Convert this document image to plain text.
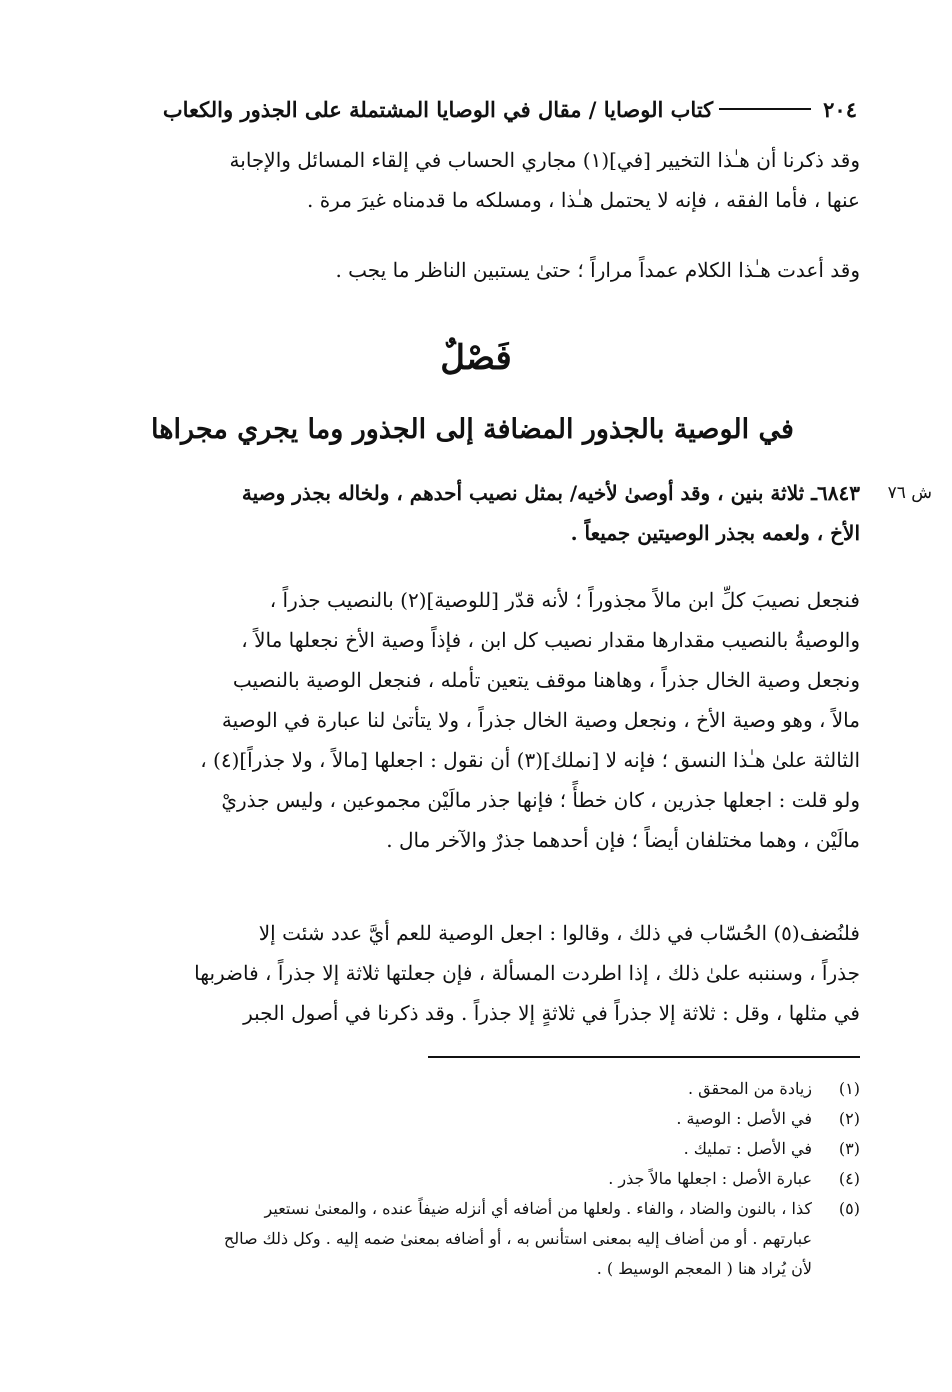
٢٠٤
كتاب الوصايا / مقال في الوصايا المشتملة على الجذور والكعاب
وقد ذكرنا أن هـٰذا التخيير [في](١) مجاري الحساب في إلقاء المسائل والإجابة
عنها ، فأما الفقه ، فإنه لا يحتمل هـٰذا ، ومسلكه ما قدمناه غيرَ مرة .
وقد أعدت هـٰذا الكلام عمداً مراراً ؛ حتىٰ يستبين الناظر ما يجب .
فَصْلٌ
في الوصية بالجذور المضافة إلى الجذور وما يجري مجراها
ش ٧٦
٦٨٤٣ـ ثلاثة بنين ، وقد أوصىٰ لأخيه/ بمثل نصيب أحدهم ، ولخاله بجذر وصية
الأخ ، ولعمه بجذر الوصيتين جميعاً .
فنجعل نصيبَ كلِّ ابن مالاً مجذوراً ؛ لأنه قدّر [للوصية](٢) بالنصيب جذراً ،
والوصيةُ بالنصيب مقدارها مقدار نصيب كل ابن ، فإذاً وصية الأخ نجعلها مالاً ،
ونجعل وصية الخال جذراً ، وهاهنا موقف يتعين تأمله ، فنجعل الوصية بالنصيب
مالاً ، وهو وصية الأخ ، ونجعل وصية الخال جذراً ، ولا يتأتىٰ لنا عبارة في الوصية
الثالثة علىٰ هـٰذا النسق ؛ فإنه لا [نملك](٣) أن نقول : اجعلها [مالاً ، ولا جذراً](٤) ،
ولو قلت : اجعلها جذرين ، كان خطأً ؛ فإنها جذر مالَيْن مجموعين ، وليس جذريْ
مالَيْن ، وهما مختلفان أيضاً ؛ فإن أحدهما جذرٌ والآخر مال .
فلنُضف(٥) الحُسّاب في ذلك ، وقالوا : اجعل الوصية للعم أيَّ عدد شئت إلا
جذراً ، وسننبه علىٰ ذلك ، إذا اطردت المسألة ، فإن جعلتها ثلاثة إلا جذراً ، فاضربها
في مثلها ، وقل : ثلاثة إلا جذراً في ثلاثةٍ إلا جذراً . وقد ذكرنا في أصول الجبر
(١)
زيادة من المحقق .
(٢)
في الأصل : الوصية .
(٣)
في الأصل : تمليك .
(٤)
عبارة الأصل : اجعلها مالاً جذر .
(٥)
كذا ، بالنون والضاد ، والفاء . ولعلها من أضافه أي أنزله ضيفاً عنده ، والمعنىٰ نستعير
عبارتهم . أو من أضاف إليه بمعنى استأنس به ، أو أضافه بمعنىٰ ضمه إليه . وكل ذلك صالح
لأن يُراد هنا ( المعجم الوسيط ) .
